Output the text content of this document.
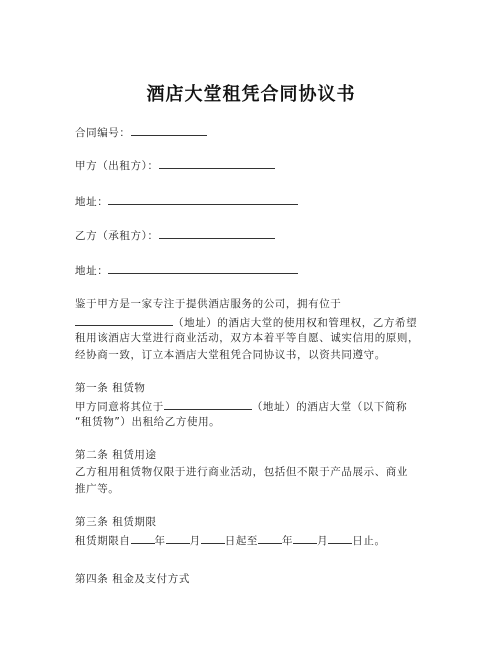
酒店大堂租凭合同协议书
合同编号：
甲方（出租方）：
地址：
乙方（承租方）：
地址：
鉴于甲方是一家专注于提供酒店服务的公司，拥有位于
（地址）的酒店大堂的使用权和管理权，乙方希望
租用该酒店大堂进行商业活动，双方本着平等自愿、诚实信用的原则，
经协商一致，订立本酒店大堂租凭合同协议书，以资共同遵守。
第一条 租赁物
甲方同意将其位于	（地址）的酒店大堂（以下简称
“租赁物”）出租给乙方使用。
第二条 租赁用途
乙方租用租赁物仅限于进行商业活动，包括但不限于产品展示、商业
推广等。
第三条 租赁期限
租赁期限自 年 月 日起至 年 月 日止。
第四条 租金及支付方式
